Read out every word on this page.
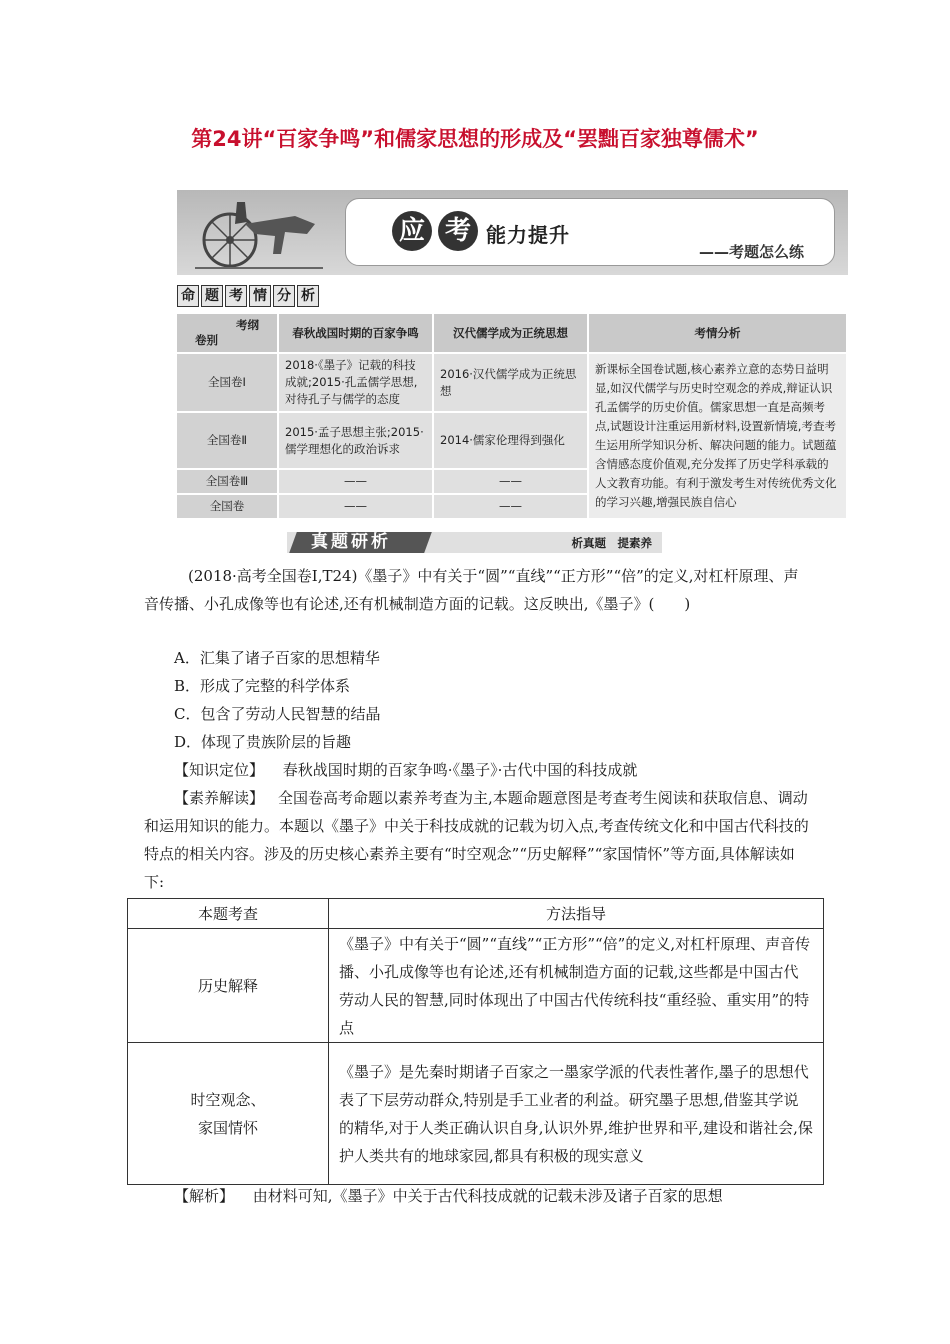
第24讲“百家争鸣”和儒家思想的形成及“罢黜百家独尊儒术”
应 考 能力提升
——考题怎么练
命 题 考 情 分 析
考纲
卷别	春秋战国时期的百家争鸣	汉代儒学成为正统思想	考情分析
全国卷Ⅰ	2018·《墨子》记载的科技成就;2015·孔孟儒学思想,对待孔子与儒学的态度	2016·汉代儒学成为正统思想	新课标全国卷试题,核心素养立意的态势日益明显,如汉代儒学与历史时空观念的养成,辩证认识孔孟儒学的历史价值。儒家思想一直是高频考点,试题设计注重运用新材料,设置新情境,考查考生运用所学知识分析、解决问题的能力。试题蕴含情感态度价值观,充分发挥了历史学科承载的人文教育功能。有利于激发考生对传统优秀文化的学习兴趣,增强民族自信心
全国卷Ⅱ	2015·孟子思想主张;2015·儒学理想化的政治诉求	2014·儒家伦理得到强化	
全国卷Ⅲ	——	——	
全国卷	——	——	
真题研析	析真题　提素养
(2018·高考全国卷Ⅰ,T24)《墨子》中有关于“圆”“直线”“正方形”“倍”的定义,对杠杆原理、声音传播、小孔成像等也有论述,还有机械制造方面的记载。这反映出,《墨子》(　　)
A．汇集了诸子百家的思想精华
B．形成了完整的科学体系
C．包含了劳动人民智慧的结晶
D．体现了贵族阶层的旨趣
【知识定位】 春秋战国时期的百家争鸣·《墨子》·古代中国的科技成就
【素养解读】 全国卷高考命题以素养考查为主,本题命题意图是考查考生阅读和获取信息、调动和运用知识的能力。本题以《墨子》中关于科技成就的记载为切入点,考查传统文化和中国古代科技的特点的相关内容。涉及的历史核心素养主要有“时空观念”“历史解释”“家国情怀”等方面,具体解读如下:
本题考查	方法指导
历史解释	《墨子》中有关于“圆”“直线”“正方形”“倍”的定义,对杠杆原理、声音传播、小孔成像等也有论述,还有机械制造方面的记载,这些都是中国古代劳动人民的智慧,同时体现出了中国古代传统科技“重经验、重实用”的特点

时空观念、
家国情怀	《墨子》是先秦时期诸子百家之一墨家学派的代表性著作,墨子的思想代表了下层劳动群众,特别是手工业者的利益。研究墨子思想,借鉴其学说的精华,对于人类正确认识自身,认识外界,维护世界和平,建设和谐社会,保护人类共有的地球家园,都具有积极的现实意义
【解析】 由材料可知,《墨子》中关于古代科技成就的记载未涉及诸子百家的思想
